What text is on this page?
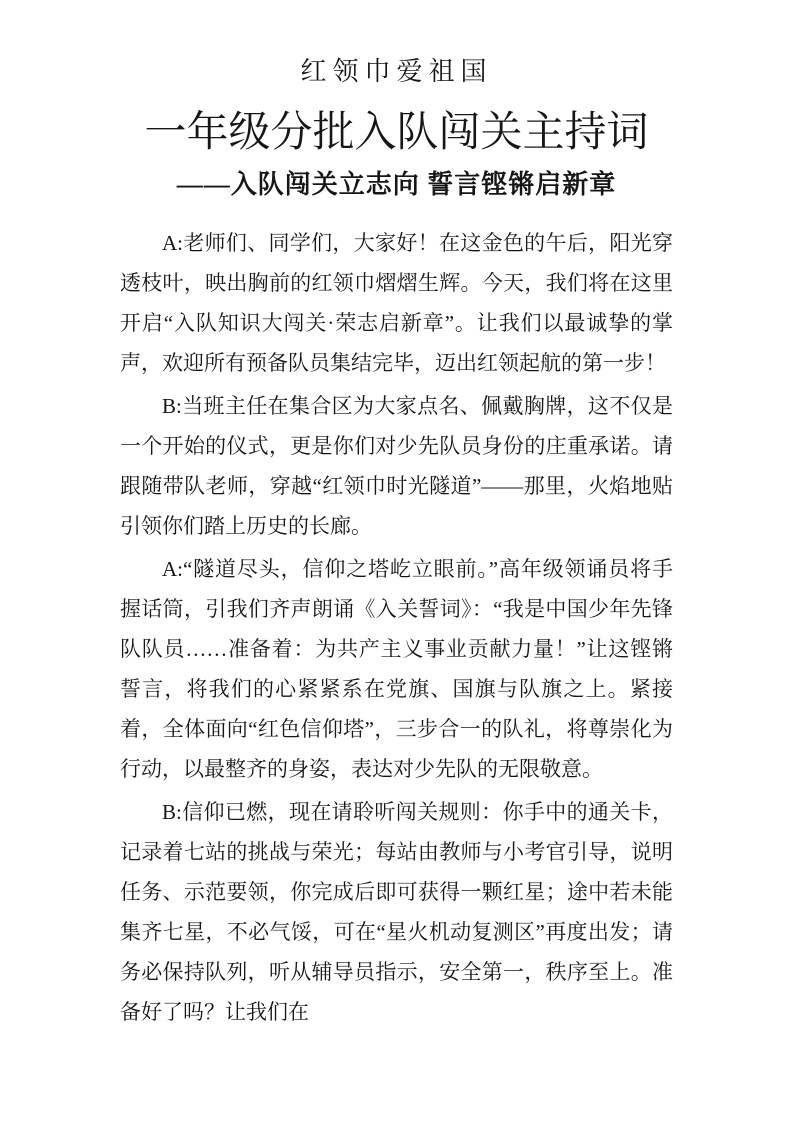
红领巾爱祖国
一年级分批入队闯关主持词
——入队闯关立志向 誓言铿锵启新章

A:老师们、同学们，大家好！在这金色的午后，阳光穿透枝叶，映出胸前的红领巾熠熠生辉。今天，我们将在这里开启“入队知识大闯关·荣志启新章”。让我们以最诚挚的掌声，欢迎所有预备队员集结完毕，迈出红领起航的第一步！

B:当班主任在集合区为大家点名、佩戴胸牌，这不仅是一个开始的仪式，更是你们对少先队员身份的庄重承诺。请跟随带队老师，穿越“红领巾时光隧道”——那里，火焰地贴引领你们踏上历史的长廊。

A:“隧道尽头，信仰之塔屹立眼前。”高年级领诵员将手握话筒，引我们齐声朗诵《入关誓词》：“我是中国少年先锋队队员……准备着：为共产主义事业贡献力量！”让这铿锵誓言，将我们的心紧紧系在党旗、国旗与队旗之上。紧接着，全体面向“红色信仰塔”，三步合一的队礼，将尊崇化为行动，以最整齐的身姿，表达对少先队的无限敬意。

B:信仰已燃，现在请聆听闯关规则：你手中的通关卡，记录着七站的挑战与荣光；每站由教师与小考官引导，说明任务、示范要领，你完成后即可获得一颗红星；途中若未能集齐七星，不必气馁，可在“星火机动复测区”再度出发；请务必保持队列，听从辅导员指示，安全第一，秩序至上。准备好了吗？让我们在
